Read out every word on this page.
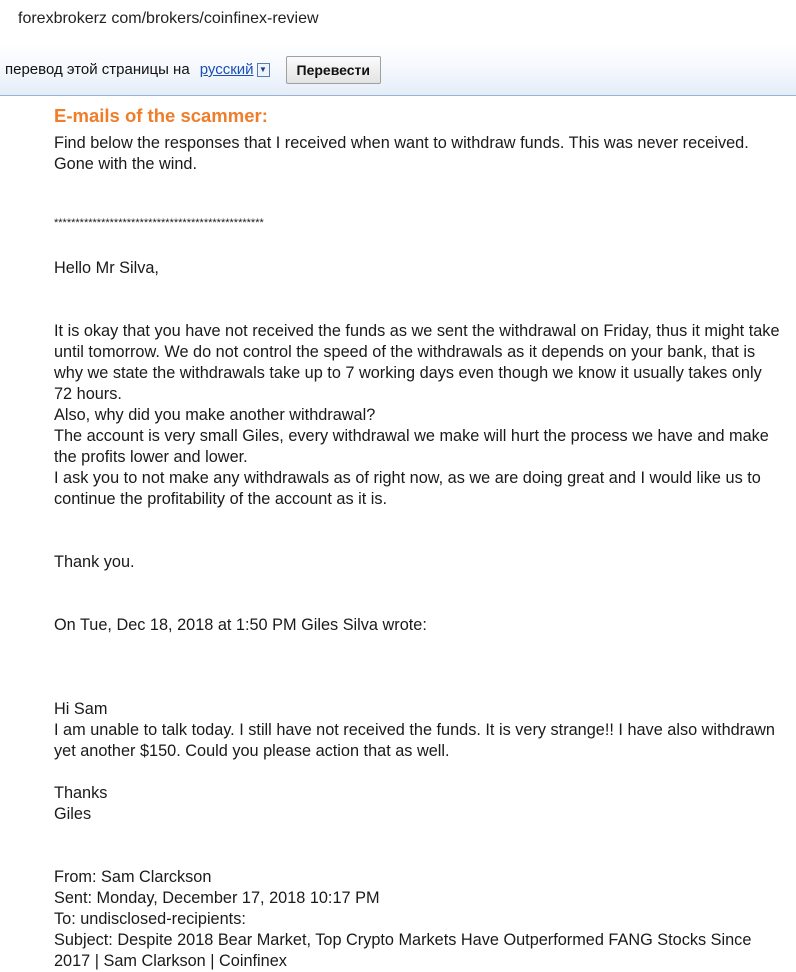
forexbrokerz com/brokers/coinfinex-review
перевод этой страницы на русский ▼	Перевести
E-mails of the scammer:

Find below the responses that I received when want to withdraw funds. This was never received. Gone with the wind.

*************************************************

Hello Mr Silva,

It is okay that you have not received the funds as we sent the withdrawal on Friday, thus it might take until tomorrow. We do not control the speed of the withdrawals as it depends on your bank, that is why we state the withdrawals take up to 7 working days even though we know it usually takes only 72 hours.

Also, why did you make another withdrawal?

The account is very small Giles, every withdrawal we make will hurt the process we have and make the profits lower and lower.

I ask you to not make any withdrawals as of right now, as we are doing great and I would like us to continue the profitability of the account as it is.

Thank you.

On Tue, Dec 18, 2018 at 1:50 PM Giles Silva wrote:

Hi Sam

I am unable to talk today. I still have not received the funds. It is very strange!! I have also withdrawn yet another $150. Could you please action that as well.

Thanks

Giles

From: Sam Clarckson

Sent: Monday, December 17, 2018 10:17 PM

To: undisclosed-recipients:

Subject: Despite 2018 Bear Market, Top Crypto Markets Have Outperformed FANG Stocks Since 2017 | Sam Clarkson | Coinfinex
